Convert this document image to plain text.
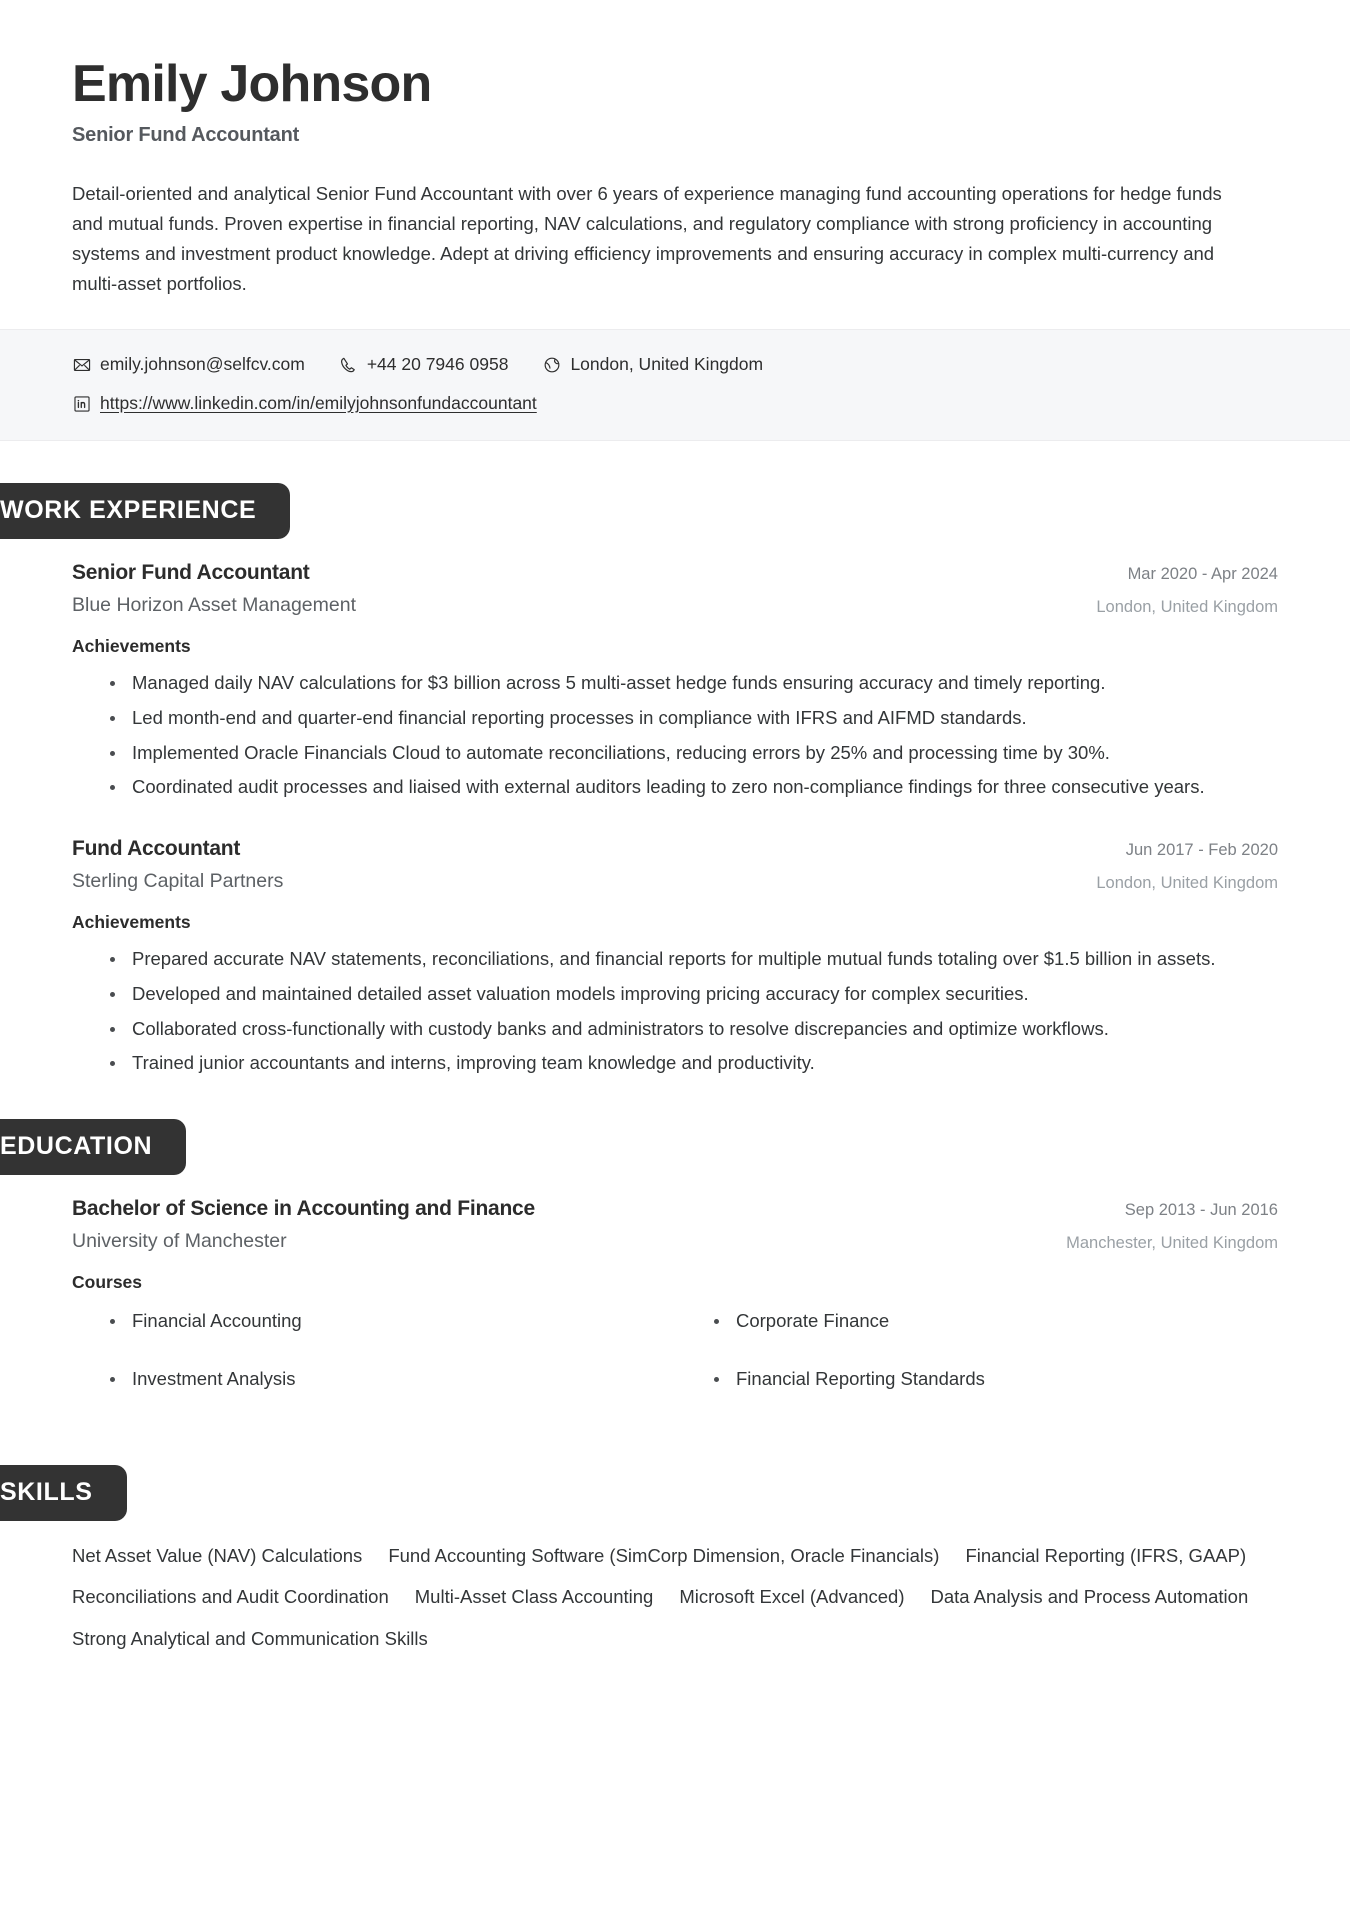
Emily Johnson
Senior Fund Accountant
Detail-oriented and analytical Senior Fund Accountant with over 6 years of experience managing fund accounting operations for hedge funds and mutual funds. Proven expertise in financial reporting, NAV calculations, and regulatory compliance with strong proficiency in accounting systems and investment product knowledge. Adept at driving efficiency improvements and ensuring accuracy in complex multi-currency and multi-asset portfolios.
emily.johnson@selfcv.com	+44 20 7946 0958	London, United Kingdom
https://www.linkedin.com/in/emilyjohnsonfundaccountant
WORK EXPERIENCE
Senior Fund Accountant
Blue Horizon Asset Management
Mar 2020 - Apr 2024
London, United Kingdom
Achievements
Managed daily NAV calculations for $3 billion across 5 multi-asset hedge funds ensuring accuracy and timely reporting.
Led month-end and quarter-end financial reporting processes in compliance with IFRS and AIFMD standards.
Implemented Oracle Financials Cloud to automate reconciliations, reducing errors by 25% and processing time by 30%.
Coordinated audit processes and liaised with external auditors leading to zero non-compliance findings for three consecutive years.
Fund Accountant
Sterling Capital Partners
Jun 2017 - Feb 2020
London, United Kingdom
Achievements
Prepared accurate NAV statements, reconciliations, and financial reports for multiple mutual funds totaling over $1.5 billion in assets.
Developed and maintained detailed asset valuation models improving pricing accuracy for complex securities.
Collaborated cross-functionally with custody banks and administrators to resolve discrepancies and optimize workflows.
Trained junior accountants and interns, improving team knowledge and productivity.
EDUCATION
Bachelor of Science in Accounting and Finance
University of Manchester
Sep 2013 - Jun 2016
Manchester, United Kingdom
Courses
Financial Accounting	Corporate Finance
Investment Analysis	Financial Reporting Standards
SKILLS
Net Asset Value (NAV) Calculations Fund Accounting Software (SimCorp Dimension, Oracle Financials) Financial Reporting (IFRS, GAAP)
Reconciliations and Audit Coordination Multi-Asset Class Accounting Microsoft Excel (Advanced) Data Analysis and Process Automation
Strong Analytical and Communication Skills
